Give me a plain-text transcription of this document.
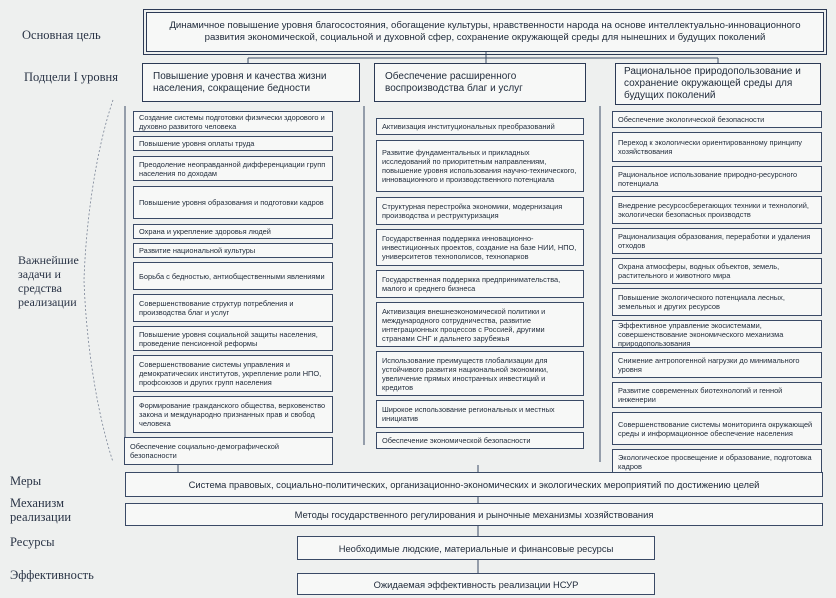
Основная цель
Подцели I уровня
Важнейшие задачи и средства реализации
Меры
Механизм реализации
Ресурсы
Эффективность
Динамичное повышение уровня благосостояния, обогащение культуры, нравственности народа на основе интеллектуально-инновационного развития экономической, социальной и духовной сфер, сохранение окружающей среды для нынешних и будущих поколений
Повышение уровня и качества жизни населения, сокращение бедности
Обеспечение расширенного воспроизводства благ и услуг
Рациональное природопользование и сохранение окружающей среды для будущих поколений
Создание системы подготовки физически здорового и духовно развитого человека
Повышение уровня оплаты труда
Преодоление неоправданной дифференциации групп населения по доходам
Повышение уровня образования и подготовки кадров
Охрана и укрепление здоровья людей
Развитие национальной культуры
Борьба с бедностью, антиобщественными явлениями
Совершенствование структур потребления и производства благ и услуг
Повышение уровня социальной защиты населения, проведение пенсионной реформы
Совершенствование системы управления и демократических институтов, укрепление роли НПО, профсоюзов и других групп населения
Формирование гражданского общества, верховенство закона и международно признанных прав и свобод человека
Обеспечение социально-демографической безопасности
Активизация институциональных преобразований
Развитие фундаментальных и прикладных исследований по приоритетным направлениям, повышение уровня использования научно-технического, инновационного и производственного потенциала
Структурная перестройка экономики, модернизация производства и реструктуризация
Государственная поддержка инновационно-инвестиционных проектов, создание на базе НИИ, НПО, университетов технополисов, технопарков
Государственная поддержка предпринимательства, малого и среднего бизнеса
Активизация внешнеэкономической политики и международного сотрудничества, развитие интеграционных процессов с Россией, другими странами СНГ и дальнего зарубежья
Использование преимуществ глобализации для устойчивого развития национальной экономики, увеличение прямых иностранных инвестиций и кредитов
Широкое использование региональных и местных инициатив
Обеспечение экономической безопасности
Обеспечение экологической безопасности
Переход к экологически ориентированному принципу хозяйствования
Рациональное использование природно-ресурсного потенциала
Внедрение ресурсосберегающих техники и технологий, экологически безопасных производств
Рационализация образования, переработки и удаления отходов
Охрана атмосферы, водных объектов, земель, растительного и животного мира
Повышение экологического потенциала лесных, земельных и других ресурсов
Эффективное управление экосистемами, совершенствование экономического механизма природопользования
Снижение антропогенной нагрузки до минимального уровня
Развитие современных биотехнологий и генной инженерии
Совершенствование системы мониторинга окружающей среды и информационное обеспечение населения
Экологическое просвещение и образование, подготовка кадров
Система правовых, социально-политических, организационно-экономических и экологических мероприятий по достижению целей
Методы государственного регулирования и рыночные механизмы хозяйствования
Необходимые людские, материальные и финансовые ресурсы
Ожидаемая эффективность реализации НСУР
